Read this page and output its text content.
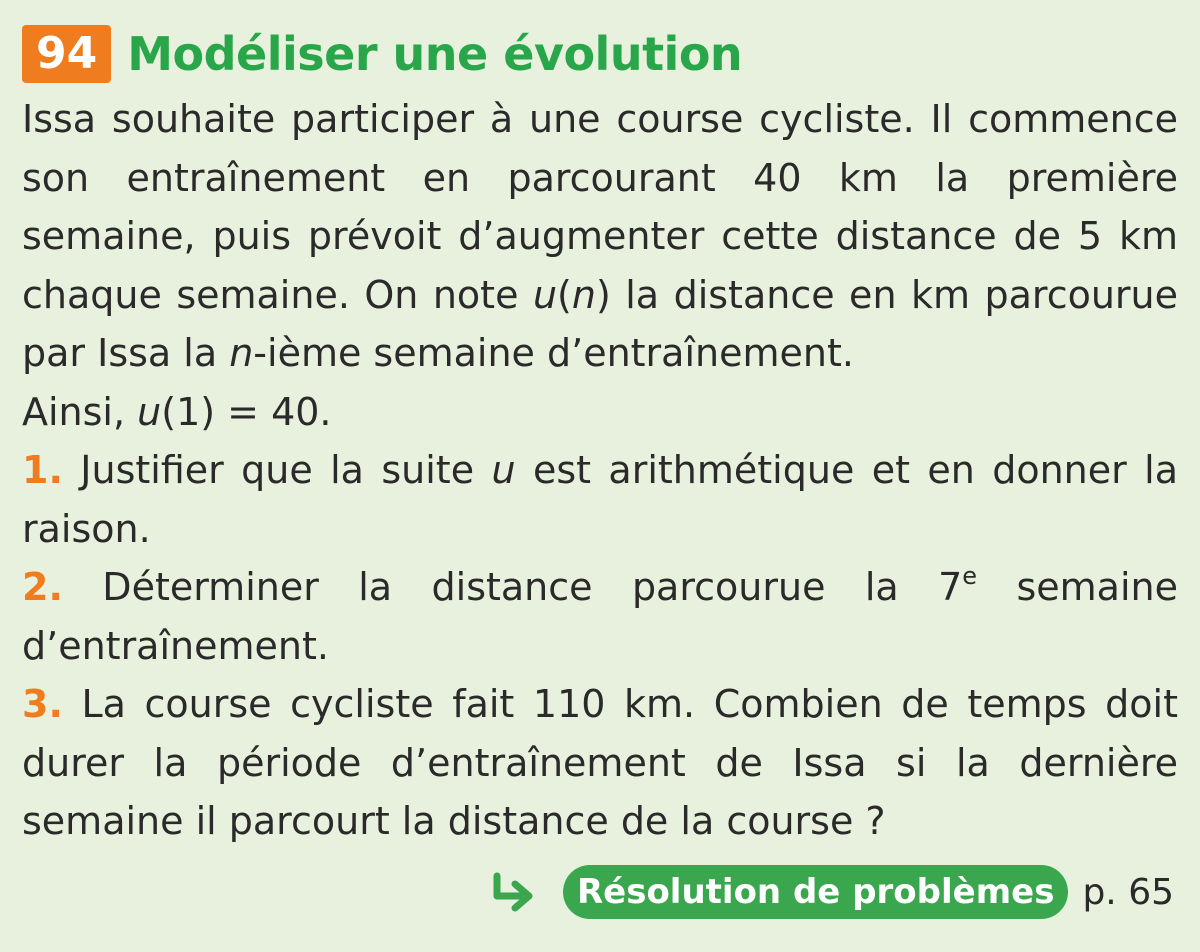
94 Modéliser une évolution

Issa souhaite participer à une course cycliste. Il commence son entraînement en parcourant 40 km la première semaine, puis prévoit d’augmenter cette distance de 5 km chaque semaine. On note u(n) la distance en km parcourue par Issa la n-ième semaine d’entraînement.

Ainsi, u(1) = 40.

1. Justifier que la suite u est arithmétique et en donner la raison.

2. Déterminer la distance parcourue la 7e semaine d’entraînement.

3. La course cycliste fait 110 km. Combien de temps doit durer la période d’entraînement de Issa si la dernière semaine il parcourt la distance de la course ?

Résolution de problèmes p. 65
